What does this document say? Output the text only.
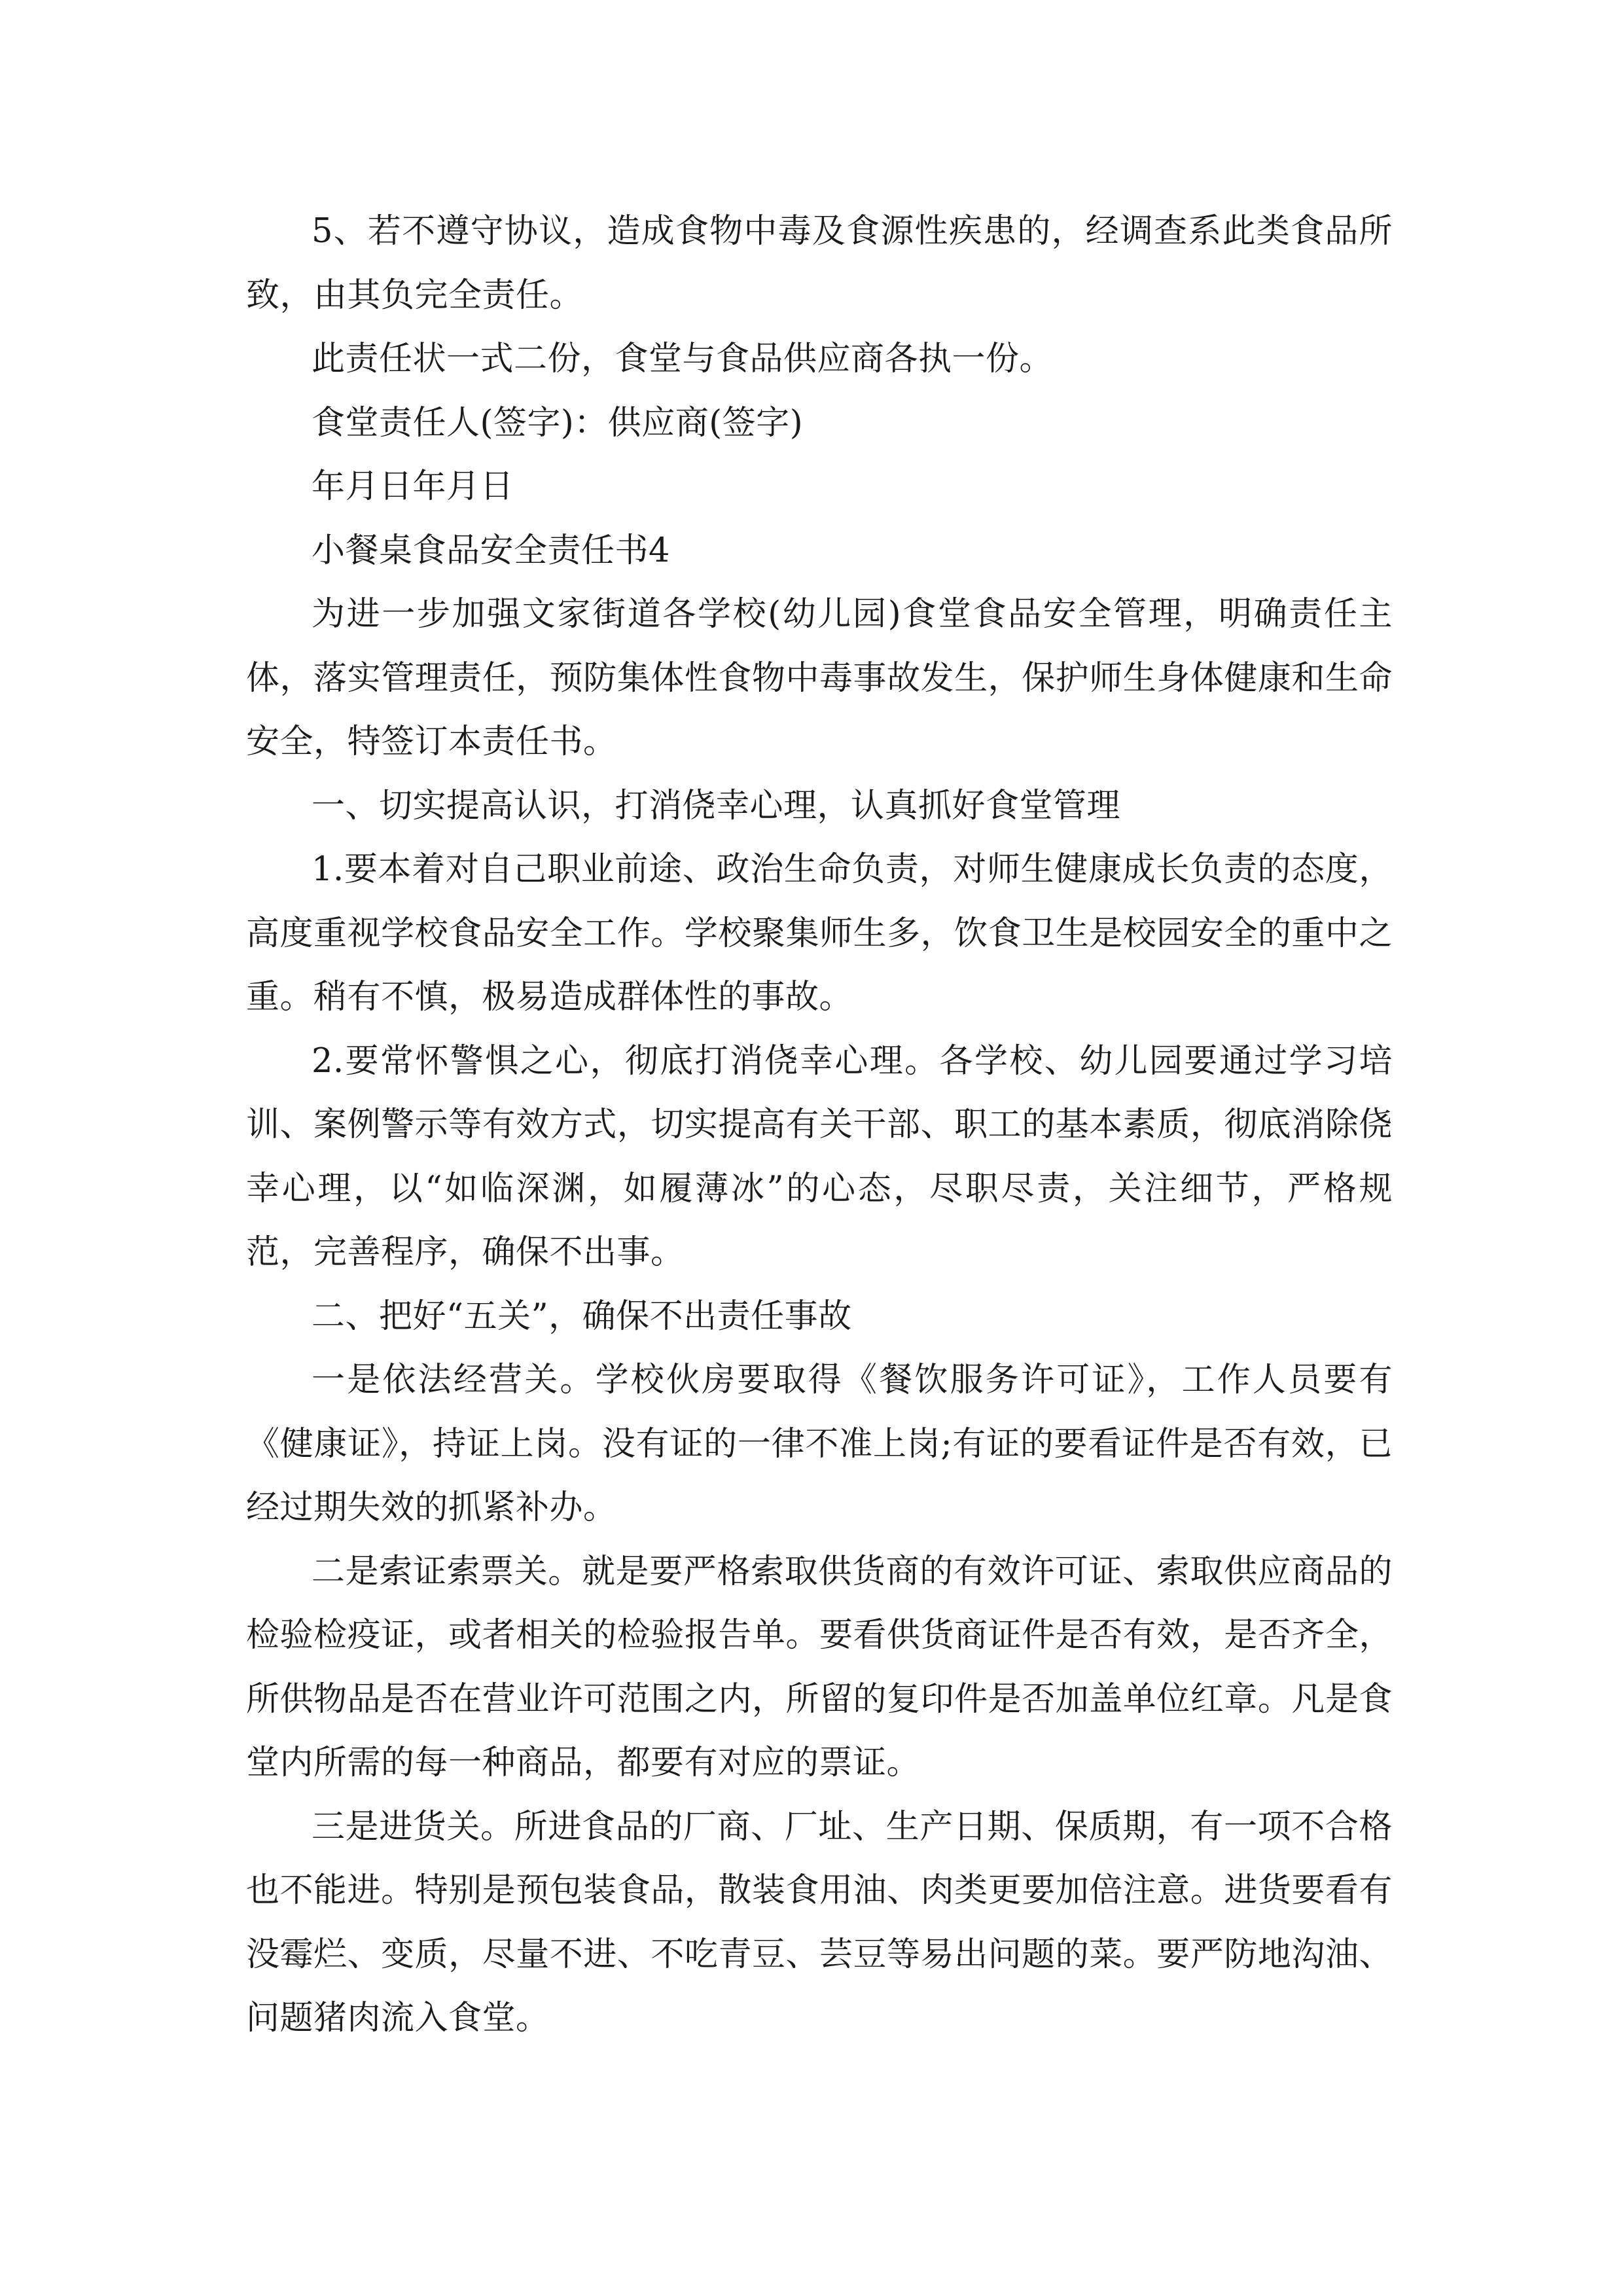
5、若不遵守协议，造成食物中毒及食源性疾患的，经调查系此类食品所致，由其负完全责任。

此责任状一式二份，食堂与食品供应商各执一份。

食堂责任人(签字)：供应商(签字)

年月日年月日

小餐桌食品安全责任书4

为进一步加强文家街道各学校(幼儿园)食堂食品安全管理，明确责任主体，落实管理责任，预防集体性食物中毒事故发生，保护师生身体健康和生命安全，特签订本责任书。

一、切实提高认识，打消侥幸心理，认真抓好食堂管理

1.要本着对自己职业前途、政治生命负责，对师生健康成长负责的态度，高度重视学校食品安全工作。学校聚集师生多，饮食卫生是校园安全的重中之重。稍有不慎，极易造成群体性的事故。

2.要常怀警惧之心，彻底打消侥幸心理。各学校、幼儿园要通过学习培训、案例警示等有效方式，切实提高有关干部、职工的基本素质，彻底消除侥幸心理，以“如临深渊，如履薄冰”的心态，尽职尽责，关注细节，严格规范，完善程序，确保不出事。

二、把好“五关”，确保不出责任事故

一是依法经营关。学校伙房要取得《餐饮服务许可证》，工作人员要有《健康证》，持证上岗。没有证的一律不准上岗;有证的要看证件是否有效，已经过期失效的抓紧补办。

二是索证索票关。就是要严格索取供货商的有效许可证、索取供应商品的检验检疫证，或者相关的检验报告单。要看供货商证件是否有效，是否齐全，所供物品是否在营业许可范围之内，所留的复印件是否加盖单位红章。凡是食堂内所需的每一种商品，都要有对应的票证。

三是进货关。所进食品的厂商、厂址、生产日期、保质期，有一项不合格也不能进。特别是预包装食品，散装食用油、肉类更要加倍注意。进货要看有没霉烂、变质，尽量不进、不吃青豆、芸豆等易出问题的菜。要严防地沟油、问题猪肉流入食堂。
